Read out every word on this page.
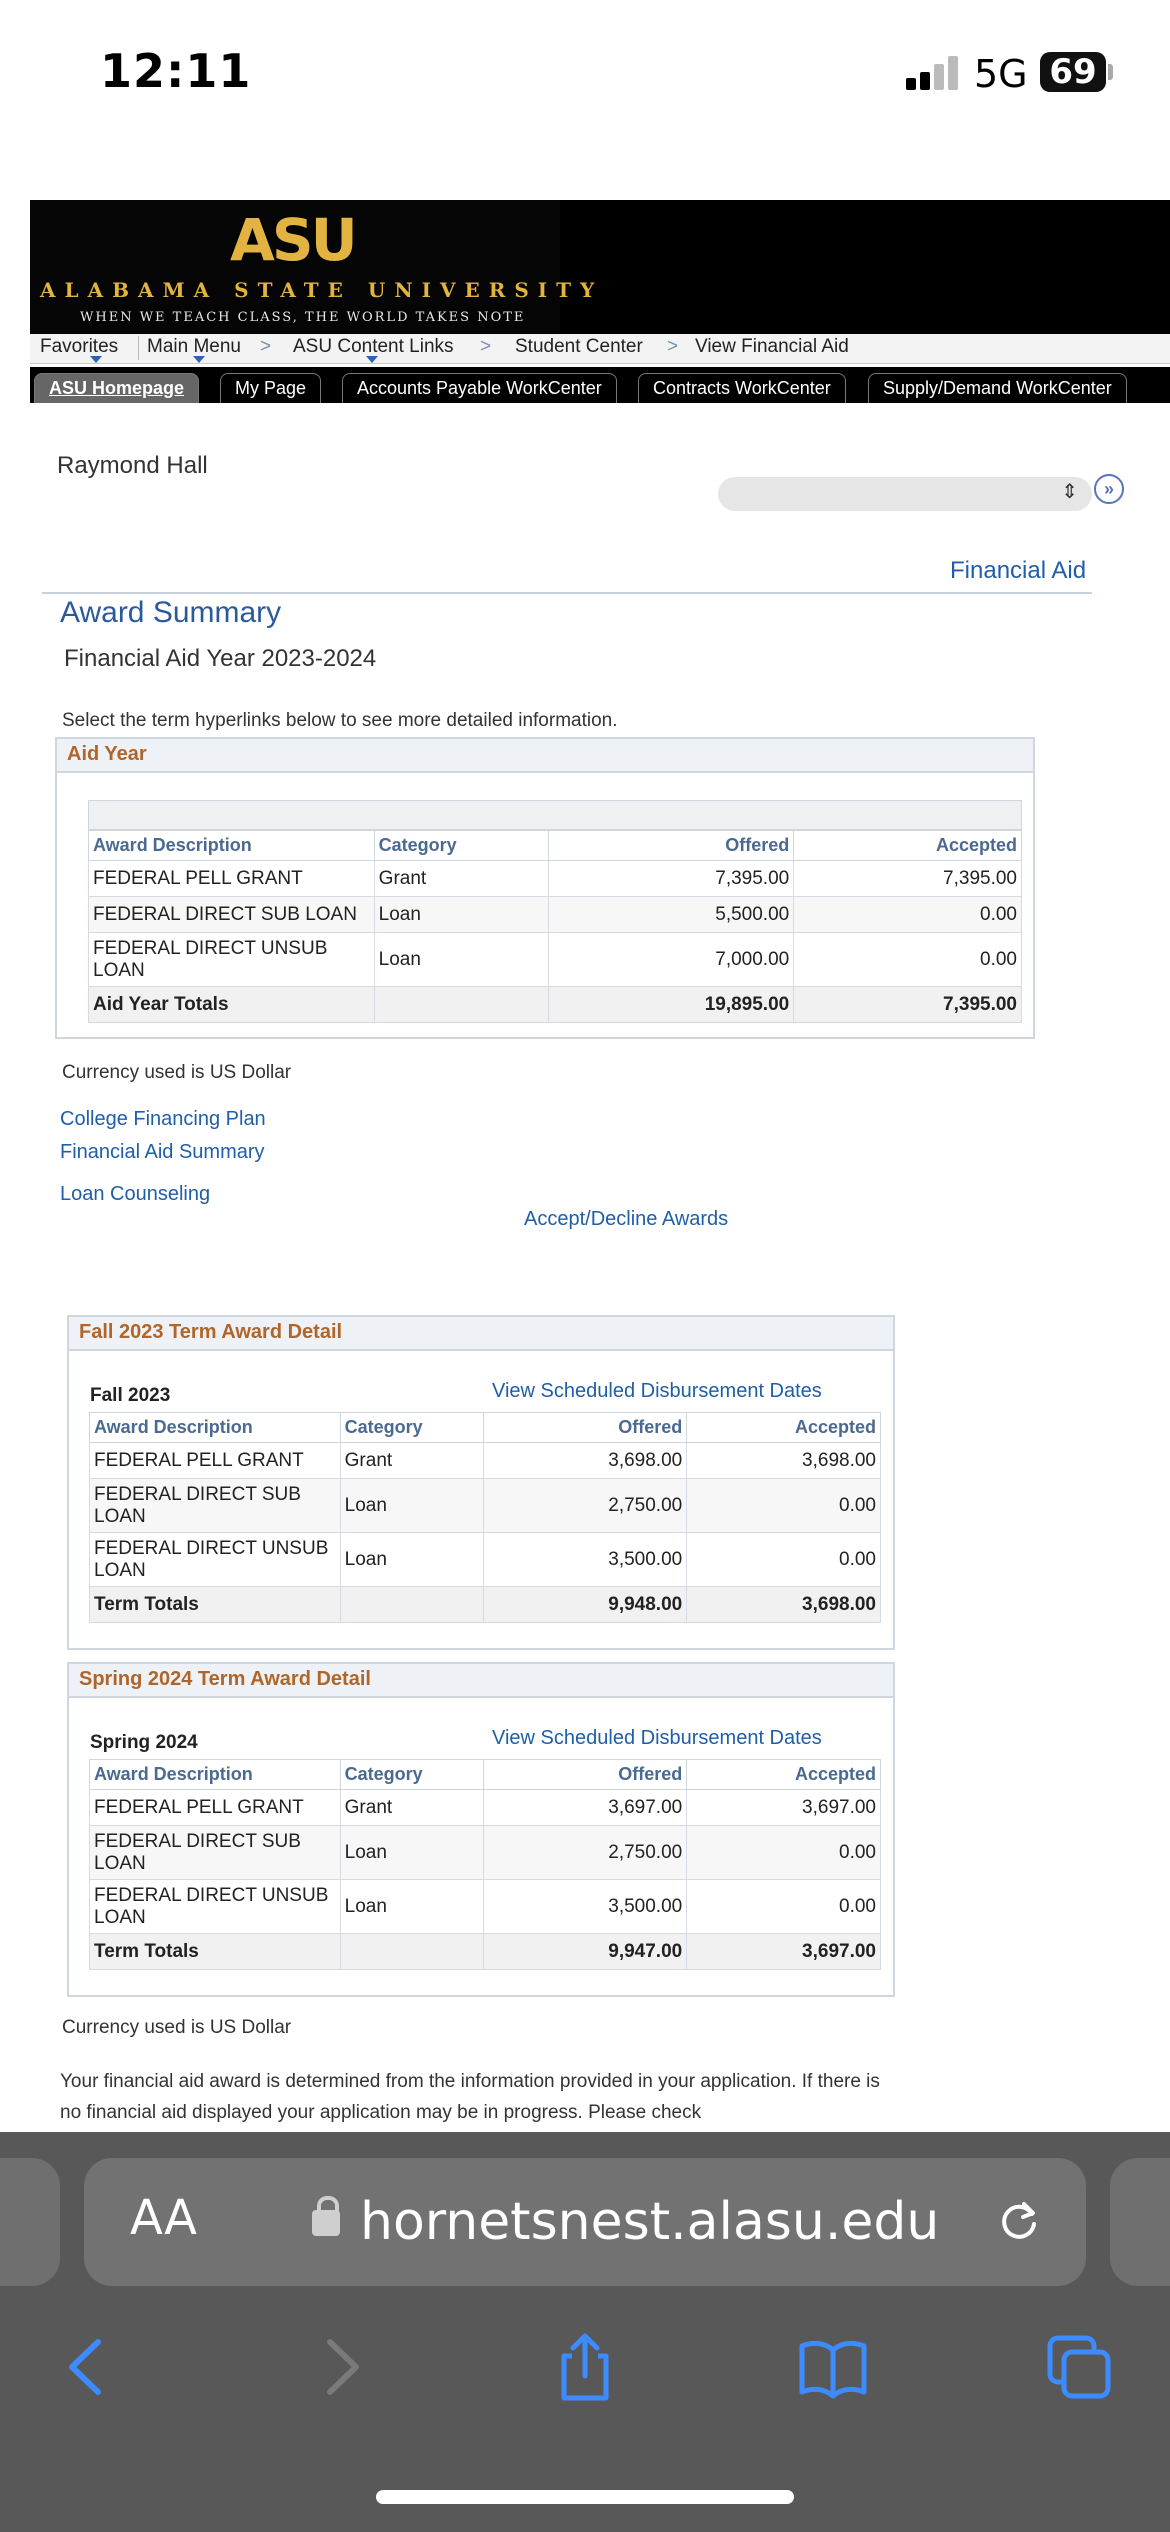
12:11	5G 69
ASU
ALABAMA STATE UNIVERSITY
WHEN WE TEACH CLASS, THE WORLD TAKES NOTE
Favorites Main Menu > ASU Content Links > Student Center > View Financial Aid
ASU Homepage	My Page	Accounts Payable WorkCenter	Contracts WorkCenter	Supply/Demand WorkCenter
Raymond Hall
⇕	»
Financial Aid
Award Summary
Financial Aid Year 2023-2024
Select the term hyperlinks below to see more detailed information.
Aid Year
Award Description	Category	Offered	Accepted
FEDERAL PELL GRANT	Grant	7,395.00	7,395.00
FEDERAL DIRECT SUB LOAN	Loan	5,500.00	0.00
FEDERAL DIRECT UNSUB LOAN	Loan	7,000.00	0.00
Aid Year Totals		19,895.00	7,395.00
Currency used is US Dollar
College Financing Plan
Financial Aid Summary
Loan Counseling
Accept/Decline Awards
Fall 2023 Term Award Detail
Fall 2023	View Scheduled Disbursement Dates
Award Description	Category	Offered	Accepted
FEDERAL PELL GRANT	Grant	3,698.00	3,698.00
FEDERAL DIRECT SUB LOAN	Loan	2,750.00	0.00
FEDERAL DIRECT UNSUB LOAN	Loan	3,500.00	0.00
Term Totals		9,948.00	3,698.00
Spring 2024 Term Award Detail
Spring 2024	View Scheduled Disbursement Dates
Award Description	Category	Offered	Accepted
FEDERAL PELL GRANT	Grant	3,697.00	3,697.00
FEDERAL DIRECT SUB LOAN	Loan	2,750.00	0.00
FEDERAL DIRECT UNSUB LOAN	Loan	3,500.00	0.00
Term Totals		9,947.00	3,697.00
Currency used is US Dollar
Your financial aid award is determined from the information provided in your application. If there is no financial aid displayed your application may be in progress. Please check
AA	hornetsnest.alasu.edu
